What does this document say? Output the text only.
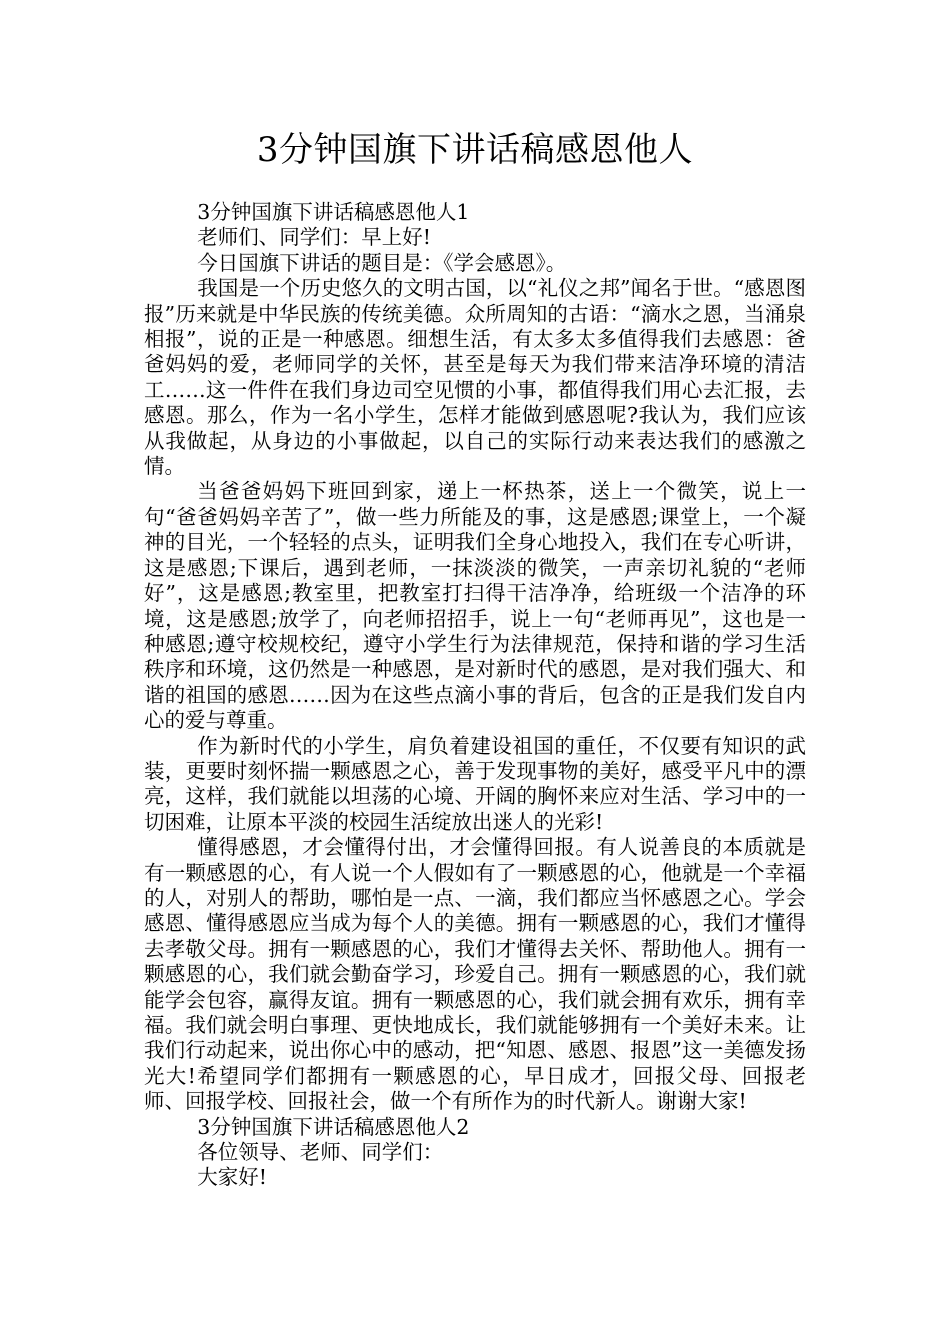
3分钟国旗下讲话稿感恩他人

3分钟国旗下讲话稿感恩他人1

老师们、同学们：早上好!

今日国旗下讲话的题目是：《学会感恩》。

我国是一个历史悠久的文明古国，以“礼仪之邦”闻名于世。“感恩图报”历来就是中华民族的传统美德。众所周知的古语：“滴水之恩，当涌泉相报”，说的正是一种感恩。细想生活，有太多太多值得我们去感恩：爸爸妈妈的爱，老师同学的关怀，甚至是每天为我们带来洁净环境的清洁工……这一件件在我们身边司空见惯的小事，都值得我们用心去汇报，去感恩。那么，作为一名小学生，怎样才能做到感恩呢?我认为，我们应该从我做起，从身边的小事做起，以自己的实际行动来表达我们的感激之情。

当爸爸妈妈下班回到家，递上一杯热茶，送上一个微笑，说上一句“爸爸妈妈辛苦了”，做一些力所能及的事，这是感恩;课堂上，一个凝神的目光，一个轻轻的点头，证明我们全身心地投入，我们在专心听讲，这是感恩;下课后，遇到老师，一抹淡淡的微笑，一声亲切礼貌的“老师好”，这是感恩;教室里，把教室打扫得干洁净净，给班级一个洁净的环境，这是感恩;放学了，向老师招招手，说上一句“老师再见”，这也是一种感恩;遵守校规校纪，遵守小学生行为法律规范，保持和谐的学习生活秩序和环境，这仍然是一种感恩，是对新时代的感恩，是对我们强大、和谐的祖国的感恩……因为在这些点滴小事的背后，包含的正是我们发自内心的爱与尊重。

作为新时代的小学生，肩负着建设祖国的重任，不仅要有知识的武装，更要时刻怀揣一颗感恩之心，善于发现事物的美好，感受平凡中的漂亮，这样，我们就能以坦荡的心境、开阔的胸怀来应对生活、学习中的一切困难，让原本平淡的校园生活绽放出迷人的光彩!

懂得感恩，才会懂得付出，才会懂得回报。有人说善良的本质就是有一颗感恩的心，有人说一个人假如有了一颗感恩的心，他就是一个幸福的人，对别人的帮助，哪怕是一点、一滴，我们都应当怀感恩之心。学会感恩、懂得感恩应当成为每个人的美德。拥有一颗感恩的心，我们才懂得去孝敬父母。拥有一颗感恩的心，我们才懂得去关怀、帮助他人。拥有一颗感恩的心，我们就会勤奋学习，珍爱自己。拥有一颗感恩的心，我们就能学会包容，赢得友谊。拥有一颗感恩的心，我们就会拥有欢乐，拥有幸福。我们就会明白事理、更快地成长，我们就能够拥有一个美好未来。让我们行动起来，说出你心中的感动，把“知恩、感恩、报恩”这一美德发扬光大!希望同学们都拥有一颗感恩的心，早日成才，回报父母、回报老师、回报学校、回报社会，做一个有所作为的时代新人。谢谢大家!

3分钟国旗下讲话稿感恩他人2

各位领导、老师、同学们：

大家好!
